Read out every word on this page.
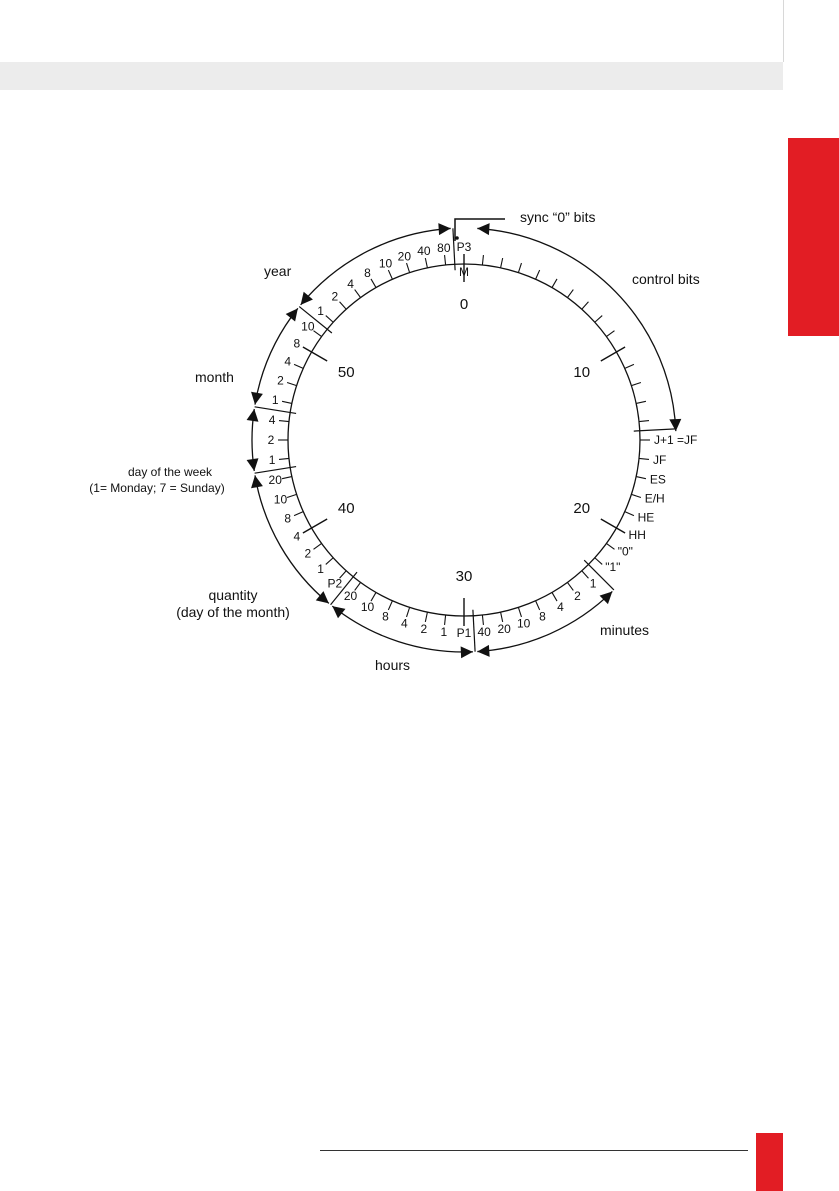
M
J+1 =JF
JF
ES
E/H
HE
HH
"0"
"1"
1
2
4
8
10
20
40
P1
1
2
4
8
10
20
P2
1
2
4
8
10
20
1
2
4
1
2
4
8
10
1
2
4
8
10
20 40 80 P3
0
10
20
30
40
50
sync “0” bits
control bits
year
month
day of the week
(1= Monday; 7 = Sunday)
quantity
(day of the month)
hours
minutes
